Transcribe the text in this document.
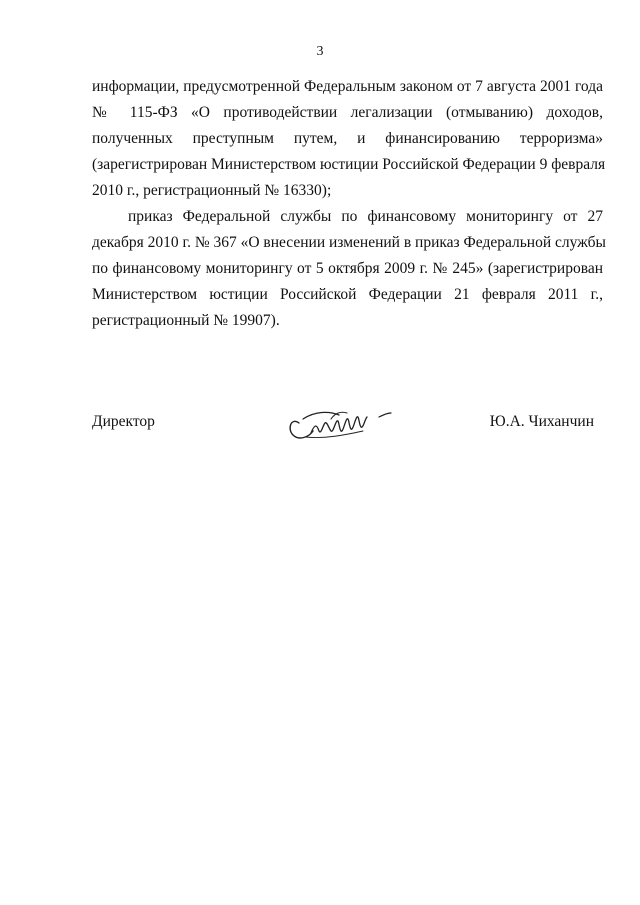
3
информации, предусмотренной Федеральным законом от 7 августа 2001 года
№ 115-ФЗ «О противодействии легализации (отмыванию) доходов,
полученных преступным путем, и финансированию терроризма»
(зарегистрирован Министерством юстиции Российской Федерации 9 февраля
2010 г., регистрационный № 16330);
приказ Федеральной службы по финансовому мониторингу от 27
декабря 2010 г. № 367 «О внесении изменений в приказ Федеральной службы
по финансовому мониторингу от 5 октября 2009 г. № 245» (зарегистрирован
Министерством юстиции Российской Федерации 21 февраля 2011 г.,
регистрационный № 19907).
Директор	Ю.А. Чиханчин
